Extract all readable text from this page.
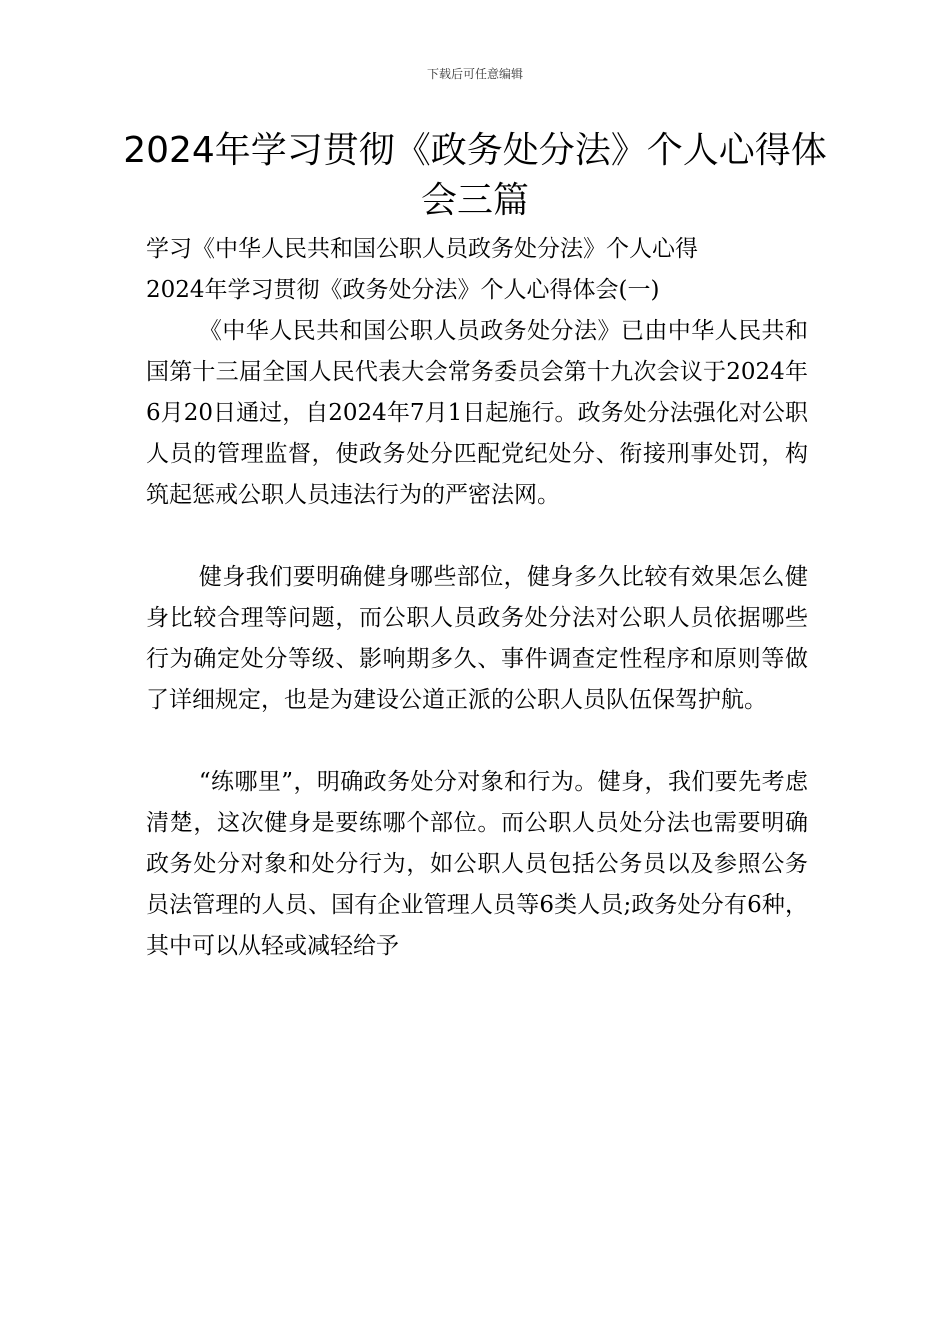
下载后可任意编辑
2024年学习贯彻《政务处分法》个人心得体会三篇

学习《中华人民共和国公职人员政务处分法》个人心得

2024年学习贯彻《政务处分法》个人心得体会(一)

《中华人民共和国公职人员政务处分法》已由中华人民共和国第十三届全国人民代表大会常务委员会第十九次会议于2024年6月20日通过，自2024年7月1日起施行。政务处分法强化对公职人员的管理监督，使政务处分匹配党纪处分、衔接刑事处罚，构筑起惩戒公职人员违法行为的严密法网。

健身我们要明确健身哪些部位，健身多久比较有效果怎么健身比较合理等问题，而公职人员政务处分法对公职人员依据哪些行为确定处分等级、影响期多久、事件调查定性程序和原则等做了详细规定，也是为建设公道正派的公职人员队伍保驾护航。

“练哪里”，明确政务处分对象和行为。健身，我们要先考虑清楚，这次健身是要练哪个部位。而公职人员处分法也需要明确政务处分对象和处分行为，如公职人员包括公务员以及参照公务员法管理的人员、国有企业管理人员等6类人员;政务处分有6种，其中可以从轻或减轻给予
